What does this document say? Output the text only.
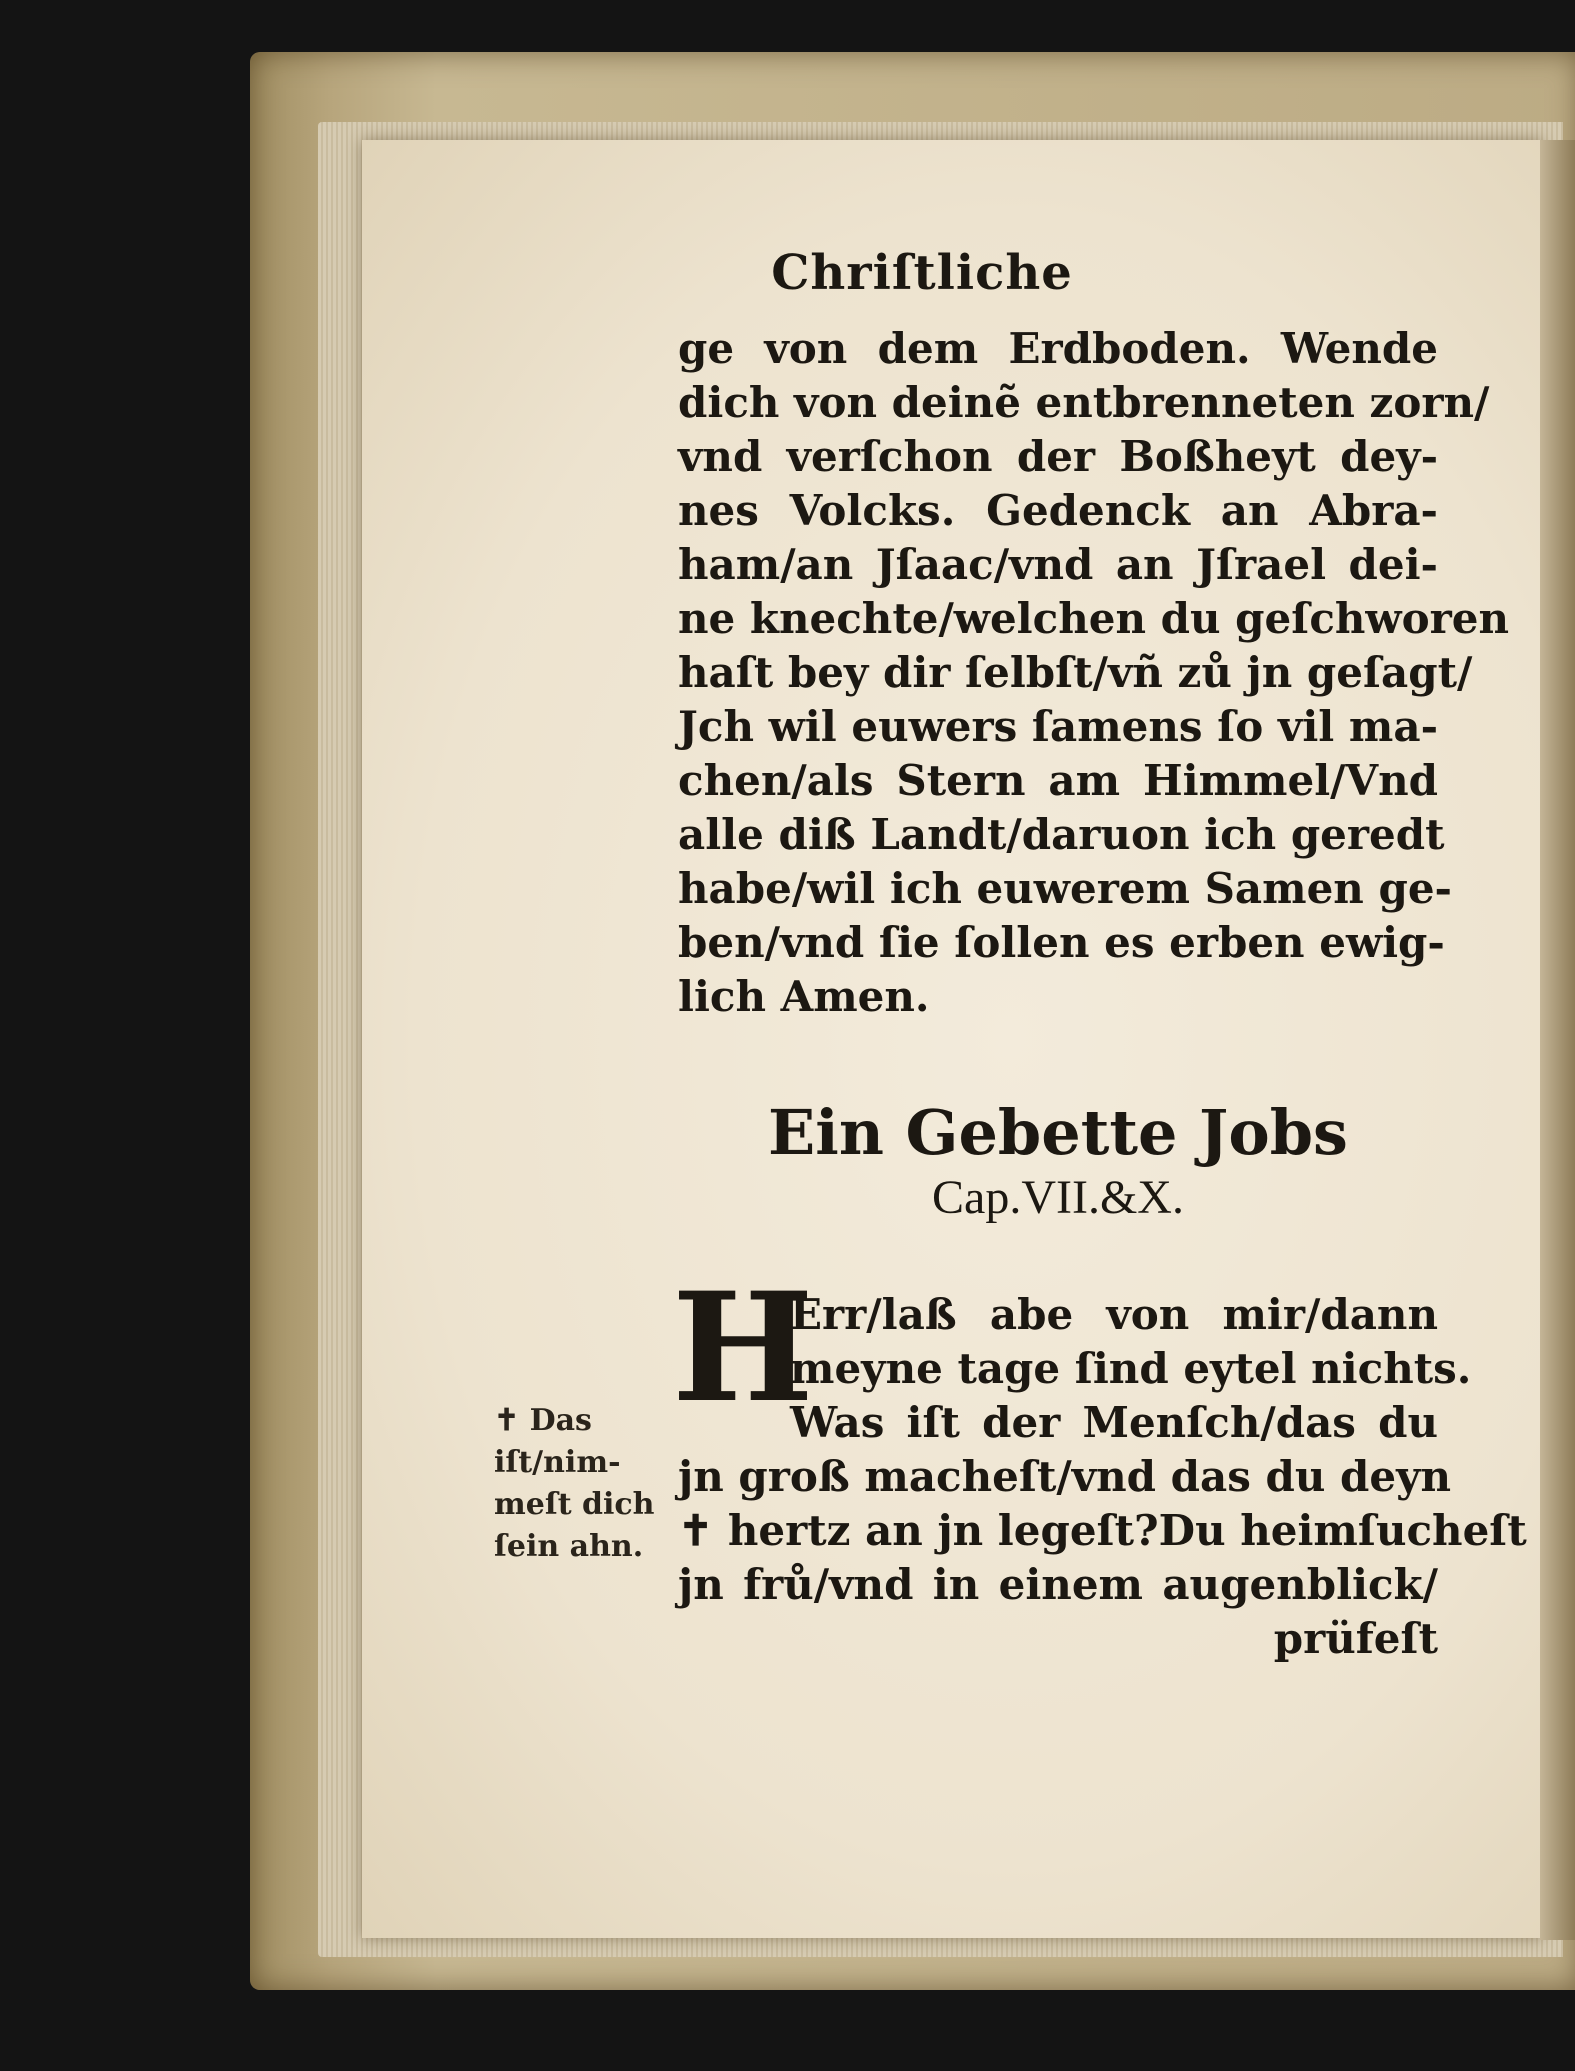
Chriſtliche
ge von dem Erdboden. Wende
dich von deinẽ entbrenneten zorn/
vnd verſchon der Boßheyt dey-
nes Volcks. Gedenck an Abra-
ham/an Jſaac/vnd an Jſrael dei-
ne knechte/welchen du geſchworen
haſt bey dir ſelbſt/vñ zů jn geſagt/
Jch wil euwers ſamens ſo vil ma-
chen/als Stern am Himmel/Vnd
alle diß Landt/daruon ich geredt
habe/wil ich euwerem Samen ge-
ben/vnd ſie ſollen es erben ewig-
lich Amen.
Ein Gebette Jobs
Cap.VII.&X.
H
Err/laß abe von mir/dann
meyne tage ſind eytel nichts.
Was iſt der Menſch/das du
jn groß macheſt/vnd das du deyn
✝ hertz an jn legeſt?Du heimſucheſt
jn frů/vnd in einem augenblick/
prüfeſt
✝ Das
iſt/nim-
meſt dich
ſein ahn.
